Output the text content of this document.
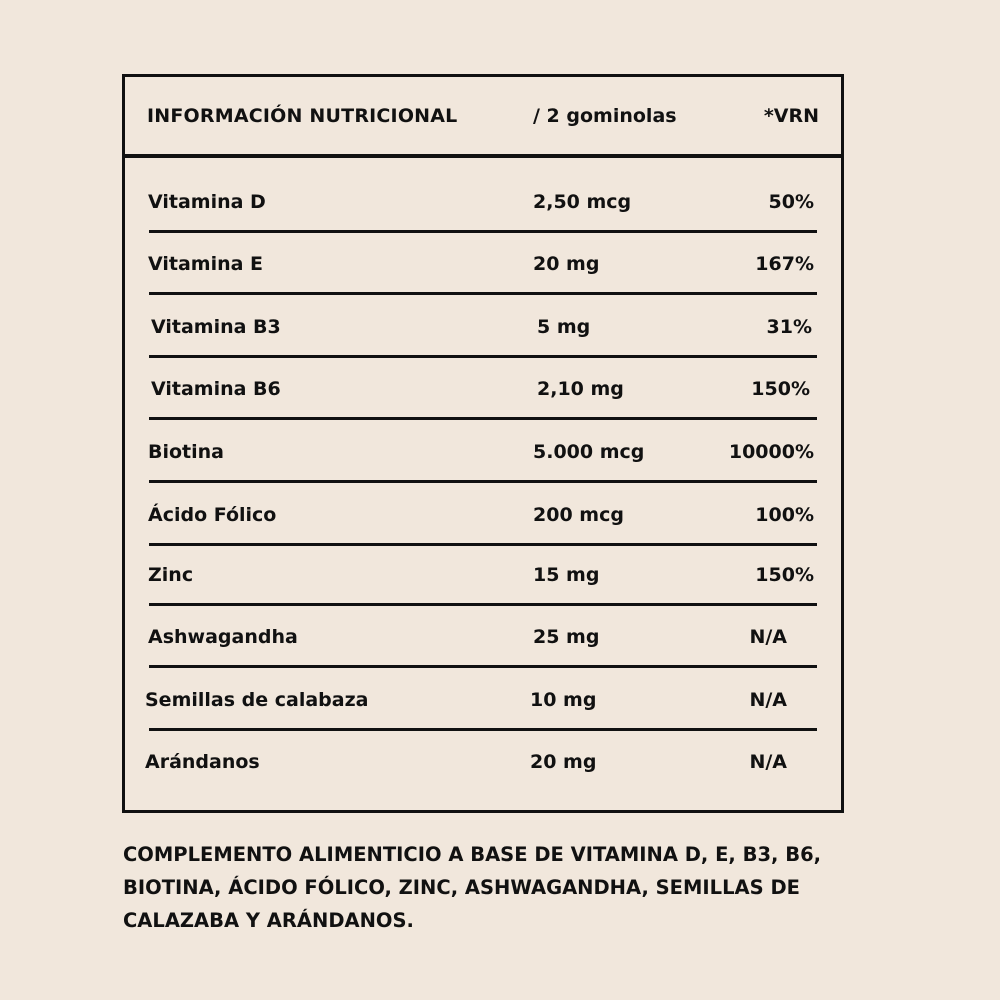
INFORMACIÓN NUTRICIONAL	/ 2 gominolas	*VRN
Vitamina D	2,50 mcg	50%
Vitamina E	20 mg	167%
Vitamina B3	5 mg	31%
Vitamina B6	2,10 mg	150%
Biotina	5.000 mcg	10000%
Ácido Fólico	200 mcg	100%
Zinc	15 mg	150%
Ashwagandha	25 mg	N/A
Semillas de calabaza	10 mg	N/A
Arándanos	20 mg	N/A
COMPLEMENTO ALIMENTICIO A BASE DE VITAMINA D, E, B3, B6, BIOTINA, ÁCIDO FÓLICO, ZINC, ASHWAGANDHA, SEMILLAS DE CALAZABA Y ARÁNDANOS.
